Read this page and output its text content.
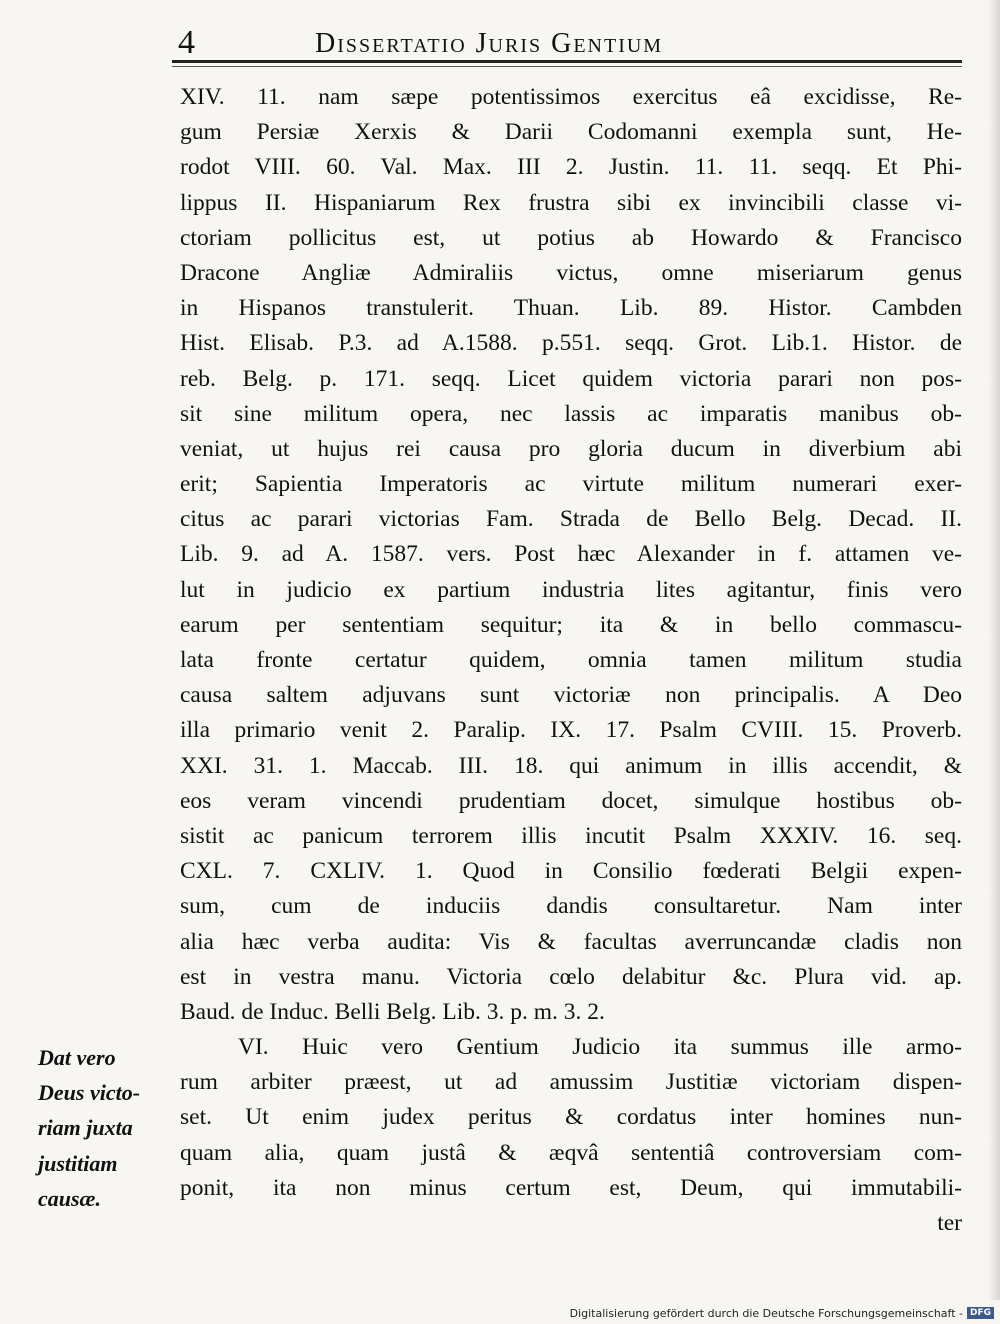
4	Dissertatio Juris Gentium
XIV. 11. nam sæpe potentissimos exercitus eâ excidisse, Re-
gum Persiæ Xerxis & Darii Codomanni exempla sunt, He-
rodot VIII. 60. Val. Max. III 2. Justin. 11. 11. seqq. Et Phi-
lippus II. Hispaniarum Rex frustra sibi ex invincibili classe vi-
ctoriam pollicitus est, ut potius ab Howardo & Francisco
Dracone Angliæ Admiraliis victus, omne miseriarum genus
in Hispanos transtulerit. Thuan. Lib. 89. Histor. Cambden
Hist. Elisab. P.3. ad A.1588. p.551. seqq. Grot. Lib.1. Histor. de
reb. Belg. p. 171. seqq. Licet quidem victoria parari non pos-
sit sine militum opera, nec lassis ac imparatis manibus ob-
veniat, ut hujus rei causa pro gloria ducum in diverbium abi
erit; Sapientia Imperatoris ac virtute militum numerari exer-
citus ac parari victorias Fam. Strada de Bello Belg. Decad. II.
Lib. 9. ad A. 1587. vers. Post hæc Alexander in f. attamen ve-
lut in judicio ex partium industria lites agitantur, finis vero
earum per sententiam sequitur; ita & in bello commascu-
lata fronte certatur quidem, omnia tamen militum studia
causa saltem adjuvans sunt victoriæ non principalis. A Deo
illa primario venit 2. Paralip. IX. 17. Psalm CVIII. 15. Proverb.
XXI. 31. 1. Maccab. III. 18. qui animum in illis accendit, &
eos veram vincendi prudentiam docet, simulque hostibus ob-
sistit ac panicum terrorem illis incutit Psalm XXXIV. 16. seq.
CXL. 7. CXLIV. 1. Quod in Consilio fœderati Belgii expen-
sum, cum de induciis dandis consultaretur. Nam inter
alia hæc verba audita: Vis & facultas averruncandæ cladis non
est in vestra manu. Victoria cœlo delabitur &c. Plura vid. ap.
Baud. de Induc. Belli Belg. Lib. 3. p. m. 3. 2.
VI. Huic vero Gentium Judicio ita summus ille armo-
rum arbiter præest, ut ad amussim Justitiæ victoriam dispen-
set. Ut enim judex peritus & cordatus inter homines nun-
quam alia, quam justâ & æqvâ sententiâ controversiam com-
ponit, ita non minus certum est, Deum, qui immutabili-
ter
Dat vero
Deus victo-
riam juxta
justitiam
causæ.
Digitalisierung gefördert durch die Deutsche Forschungsgemeinschaft - DFG
